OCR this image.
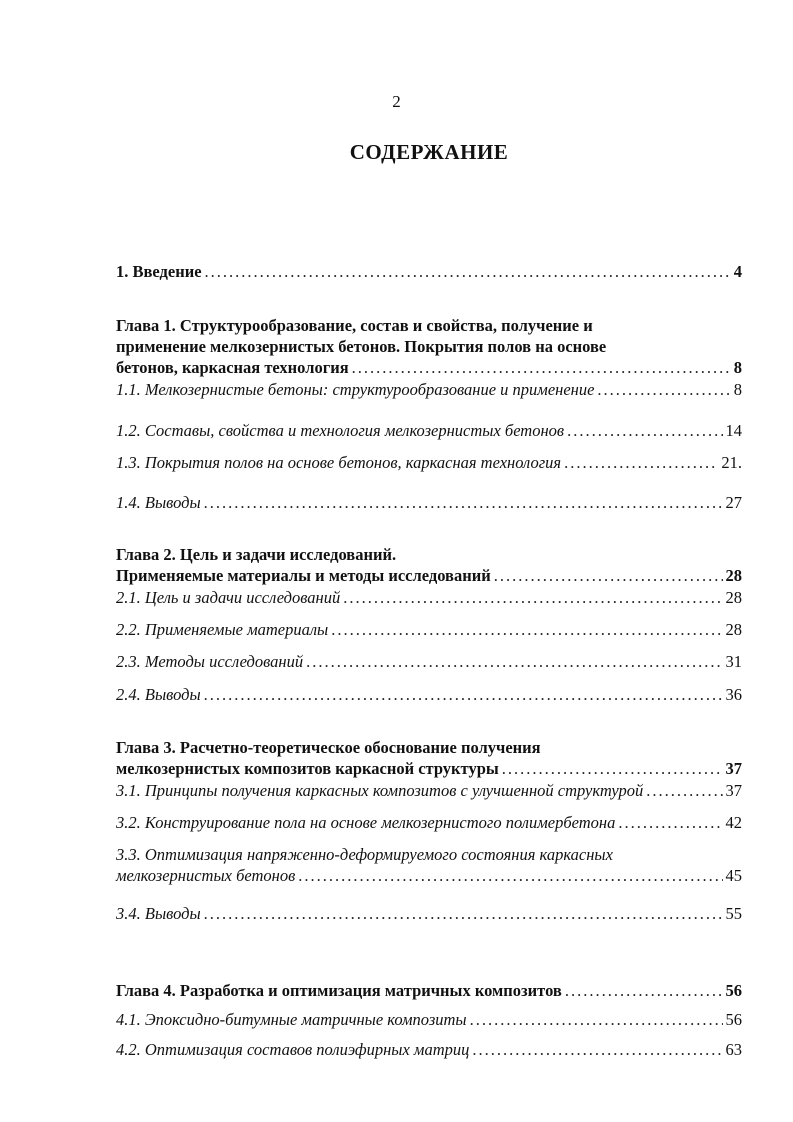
2
СОДЕРЖАНИЕ
1. Введение .....	4
Глава 1. Структурообразование, состав и свойства, получение и
применение мелкозернистых бетонов. Покрытия полов на основе
бетонов, каркасная технология .....	8
1.1. Мелкозернистые бетоны: структурообразование и применение .....	8
1.2. Составы, свойства и технология мелкозернистых бетонов .....	14
1.3. Покрытия полов на основе бетонов, каркасная технология .....	21.
1.4. Выводы .....	27
Глава 2. Цель и задачи исследований.
Применяемые материалы и методы исследований .....	28
2.1. Цель и задачи исследований .....	28
2.2. Применяемые материалы .....	28
2.3. Методы исследований .....	31
2.4. Выводы .....	36
Глава 3. Расчетно-теоретическое обоснование получения
мелкозернистых композитов каркасной структуры .....	37
3.1. Принципы получения каркасных композитов с улучшенной структурой .....	37
3.2. Конструирование пола на основе мелкозернистого полимербетона .....	42
3.3. Оптимизация напряженно-деформируемого состояния каркасных
мелкозернистых бетонов .....	45
3.4. Выводы .....	55
Глава 4. Разработка и оптимизация матричных композитов .....	56
4.1. Эпоксидно-битумные матричные композиты .....	56
4.2. Оптимизация составов полиэфирных матриц .....	63
